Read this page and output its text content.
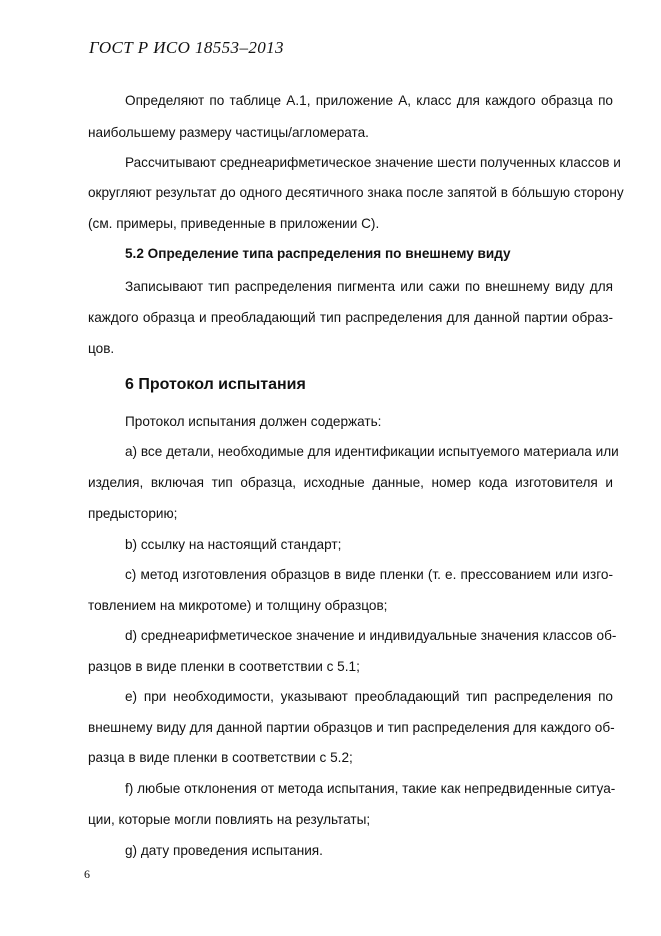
ГОСТ Р ИСО 18553–2013

Определяют по таблице А.1, приложение А, класс для каждого образца по

наибольшему размеру частицы/агломерата.

Рассчитывают среднеарифметическое значение шести полученных классов и

округляют результат до одного десятичного знака после запятой в бóльшую сторону

(см. примеры, приведенные в приложении С).

5.2 Определение типа распределения по внешнему виду

Записывают тип распределения пигмента или сажи по внешнему виду для

каждого образца и преобладающий тип распределения для данной партии образ-

цов.

6 Протокол испытания

Протокол испытания должен содержать:

а) все детали, необходимые для идентификации испытуемого материала или

изделия, включая тип образца, исходные данные, номер кода изготовителя и

предысторию;

b) ссылку на настоящий стандарт;

с) метод изготовления образцов в виде пленки (т. е. прессованием или изго-

товлением на микротоме) и толщину образцов;

d) среднеарифметическое значение и индивидуальные значения классов об-

разцов в виде пленки в соответствии с 5.1;

е) при необходимости, указывают преобладающий тип распределения по

внешнему виду для данной партии образцов и тип распределения для каждого об-

разца в виде пленки в соответствии с 5.2;

f) любые отклонения от метода испытания, такие как непредвиденные ситуа-

ции, которые могли повлиять на результаты;

g) дату проведения испытания.

6
